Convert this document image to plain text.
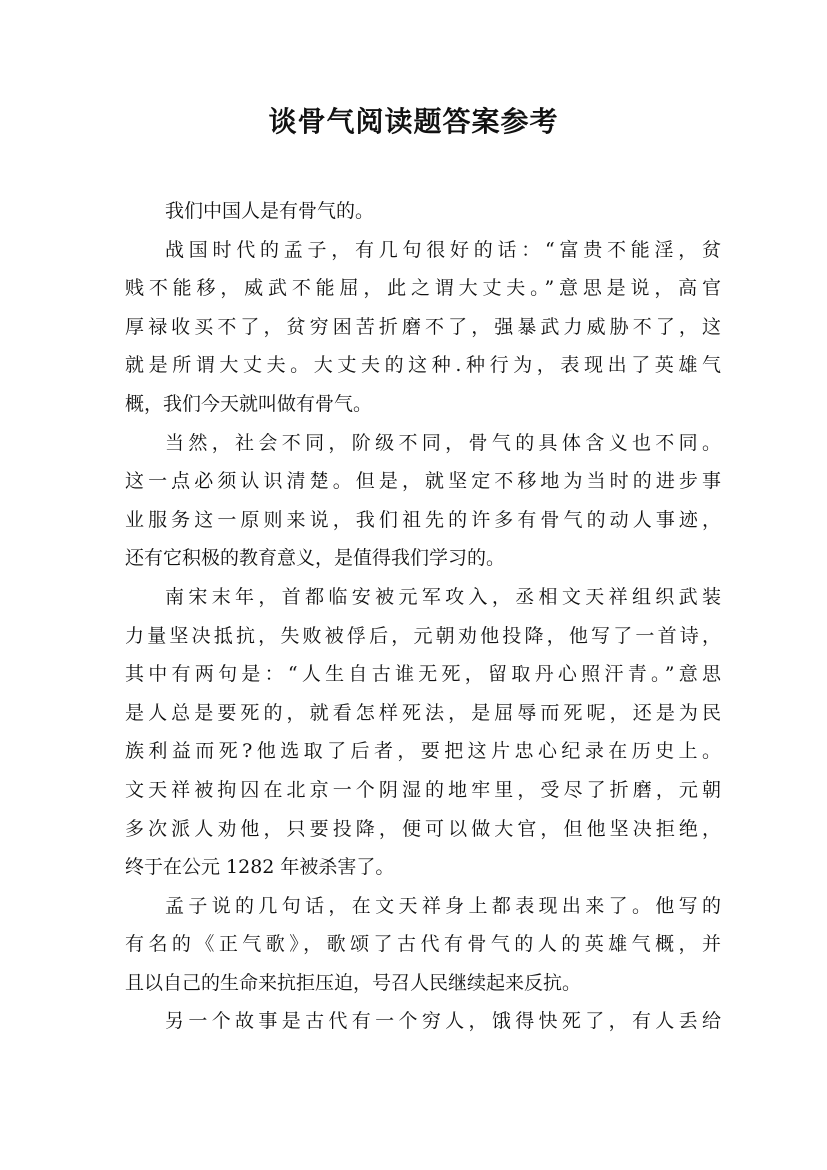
谈骨气阅读题答案参考
我们中国人是有骨气的。
战国时代的孟子，有几句很好的话：“富贵不能淫，贫
贱不能移，威武不能屈，此之谓大丈夫。”意思是说，高官
厚禄收买不了，贫穷困苦折磨不了，强暴武力威胁不了，这
就是所谓大丈夫。大丈夫的这种.种行为，表现出了英雄气
概，我们今天就叫做有骨气。
当然，社会不同，阶级不同，骨气的具体含义也不同。
这一点必须认识清楚。但是，就坚定不移地为当时的进步事
业服务这一原则来说，我们祖先的许多有骨气的动人事迹，
还有它积极的教育意义，是值得我们学习的。
南宋末年，首都临安被元军攻入，丞相文天祥组织武装
力量坚决抵抗，失败被俘后，元朝劝他投降，他写了一首诗，
其中有两句是：“人生自古谁无死，留取丹心照汗青。”意思
是人总是要死的，就看怎样死法，是屈辱而死呢，还是为民
族利益而死?他选取了后者，要把这片忠心纪录在历史上。
文天祥被拘囚在北京一个阴湿的地牢里，受尽了折磨，元朝
多次派人劝他，只要投降，便可以做大官，但他坚决拒绝，
终于在公元 1282 年被杀害了。
孟子说的几句话，在文天祥身上都表现出来了。他写的
有名的《正气歌》，歌颂了古代有骨气的人的英雄气概，并
且以自己的生命来抗拒压迫，号召人民继续起来反抗。
另一个故事是古代有一个穷人，饿得快死了，有人丢给
